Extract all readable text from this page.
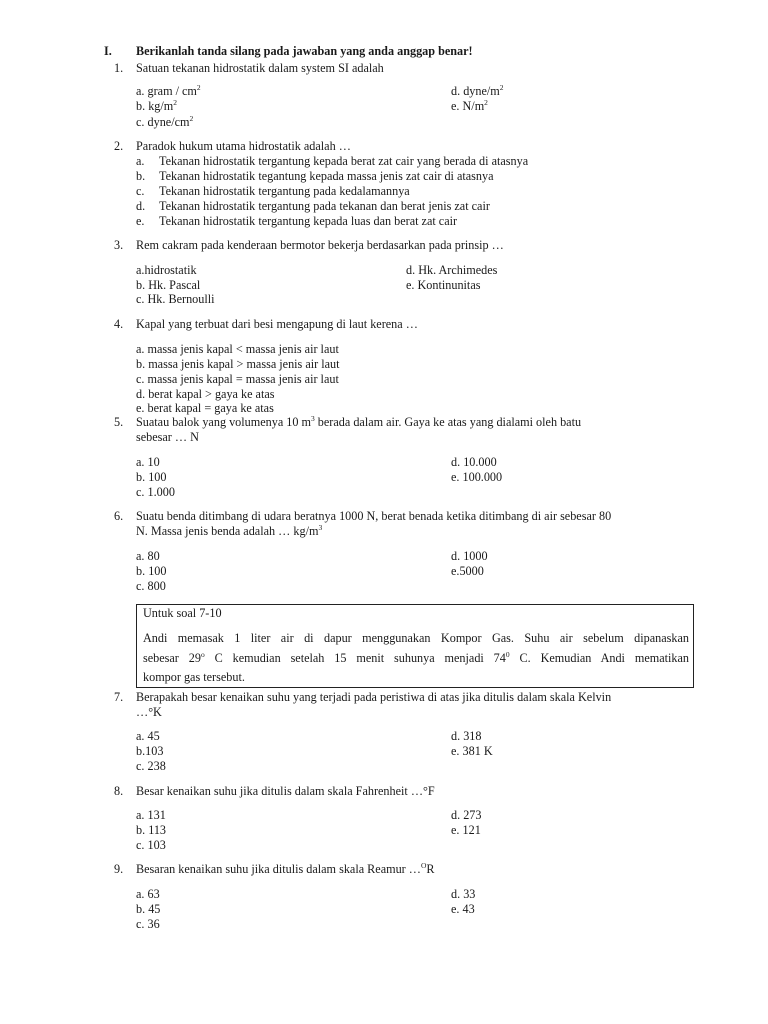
I. Berikanlah tanda silang pada jawaban yang anda anggap benar!
1. Satuan tekanan hidrostatik dalam system SI adalah
a. gram / $cm^2$
b. $kg/m^2$
c. dyne/$cm^2$
d. dyne/$m^2$
e. $N/m^2$
2. Paradok hukum utama hidrostatik adalah …
a. Tekanan hidrostatik tergantung kepada berat zat cair yang berada di atasnya
b. Tekanan hidrostatik tegantung kepada massa jenis zat cair di atasnya
c. Tekanan hidrostatik tergantung pada kedalamannya
d. Tekanan hidrostatik tergantung pada tekanan dan berat jenis zat cair
e. Tekanan hidrostatik tergantung kepada luas dan berat zat cair
3. Rem cakram pada kenderaan bermotor bekerja berdasarkan pada prinsip …
a.hidrostatik
b. Hk. Pascal
c. Hk. Bernoulli
d. Hk. Archimedes
e. Kontinunitas
4. Kapal yang terbuat dari besi mengapung di laut kerena …
a. massa jenis kapal < massa jenis air laut
b. massa jenis kapal > massa jenis air laut
c. massa jenis kapal = massa jenis air laut
d. berat kapal > gaya ke atas
e. berat kapal = gaya ke atas
5. Suatau balok yang volumenya 10 $m^3$ berada dalam air. Gaya ke atas yang dialami oleh batu
sebesar … N
a. 10
b. 100
c. 1.000
d. 10.000
e. 100.000
6. Suatu benda ditimbang di udara beratnya 1000 N, berat benada ketika ditimbang di air sebesar 80
N. Massa jenis benda adalah … $kg/m^3$
a. 80
b. 100
c. 800
d. 1000
e.5000
Untuk soal 7-10
Andi memasak 1 liter air di dapur menggunakan Kompor Gas. Suhu air sebelum dipanaskan
sebesar 29$^o$ C kemudian setelah 15 menit suhunya menjadi $74^0$ C. Kemudian Andi mematikan
kompor gas tersebut.
7. Berapakah besar kenaikan suhu yang terjadi pada peristiwa di atas jika ditulis dalam skala Kelvin
…°K
a. 45
b.103
c. 238
d. 318
e. 381 K
8. Besar kenaikan suhu jika ditulis dalam skala Fahrenheit …°F
a. 131
b. 113
c. 103
d. 273
e. 121
9. Besaran kenaikan suhu jika ditulis dalam skala Reamur …$^O$R
a. 63
b. 45
c. 36
d. 33
e. 43
